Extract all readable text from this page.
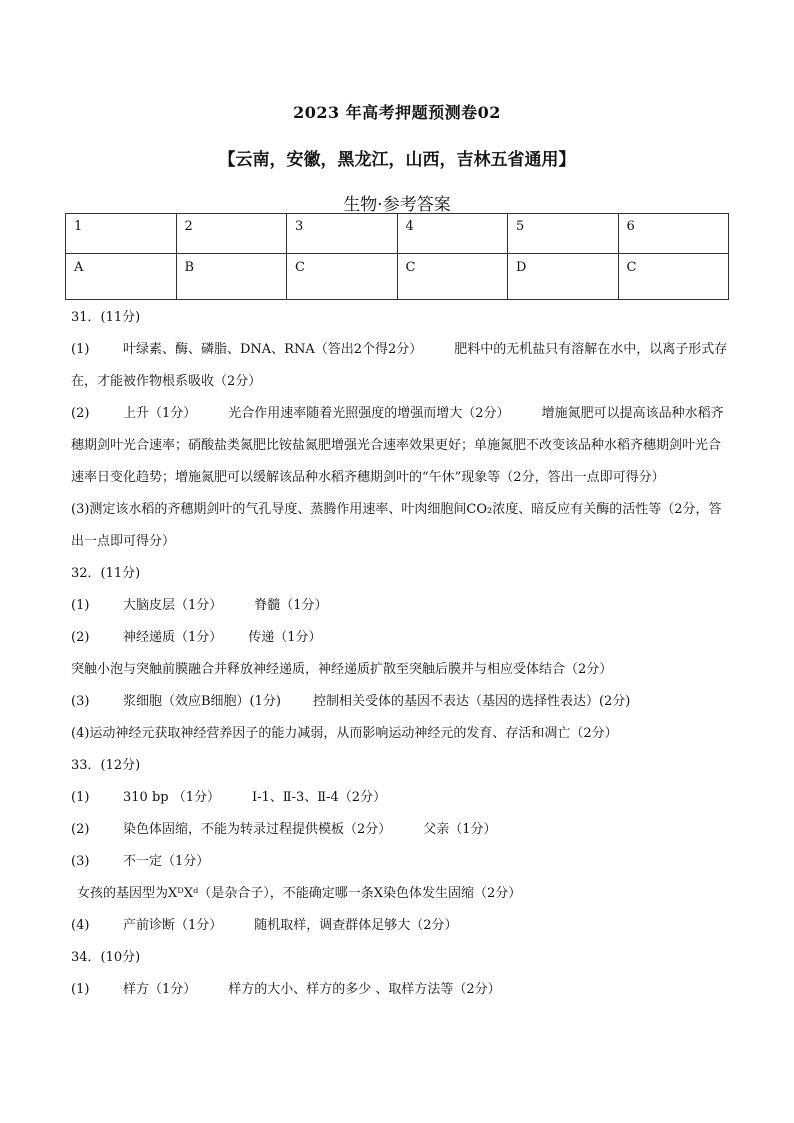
2023 年高考押题预测卷02
【云南，安徽，黑龙江，山西，吉林五省通用】
生物·参考答案
1	2	3	4	5	6
A	B	C	C	D	C
31．(11分)
(1)	叶绿素、酶、磷脂、DNA、RNA（答出2个得2分） 肥料中的无机盐只有溶解在水中，以离子形式存在，才能被作物根系吸收（2分）
(2)	上升（1分） 光合作用速率随着光照强度的增强而增大（2分） 增施氮肥可以提高该品种水稻齐穗期剑叶光合速率；硝酸盐类氮肥比铵盐氮肥增强光合速率效果更好；单施氮肥不改变该品种水稻齐穗期剑叶光合速率日变化趋势；增施氮肥可以缓解该品种水稻齐穗期剑叶的“午休”现象等（2分，答出一点即可得分）
(3)测定该水稻的齐穗期剑叶的气孔导度、蒸腾作用速率、叶肉细胞间CO₂浓度、暗反应有关酶的活性等（2分，答出一点即可得分）
32．(11分)
(1)	大脑皮层（1分） 脊髓（1分）
(2)	神经递质（1分） 传递（1分）
突触小泡与突触前膜融合并释放神经递质，神经递质扩散至突触后膜并与相应受体结合（2分）
(3)	浆细胞（效应B细胞）(1分) 控制相关受体的基因不表达（基因的选择性表达）(2分)
(4)运动神经元获取神经营养因子的能力减弱，从而影响运动神经元的发育、存活和凋亡（2分）
33．(12分)
(1)	310 bp （1分） Ⅰ-1、Ⅱ-3、Ⅱ-4（2分）
(2)	染色体固缩，不能为转录过程提供模板（2分） 父亲（1分）
(3)	不一定（1分）
女孩的基因型为XᴰXᵈ（是杂合子），不能确定哪一条X染色体发生固缩（2分）
(4)	产前诊断（1分） 随机取样，调查群体足够大（2分）
34．(10分)
(1)	样方（1分） 样方的大小、样方的多少 、取样方法等（2分）
